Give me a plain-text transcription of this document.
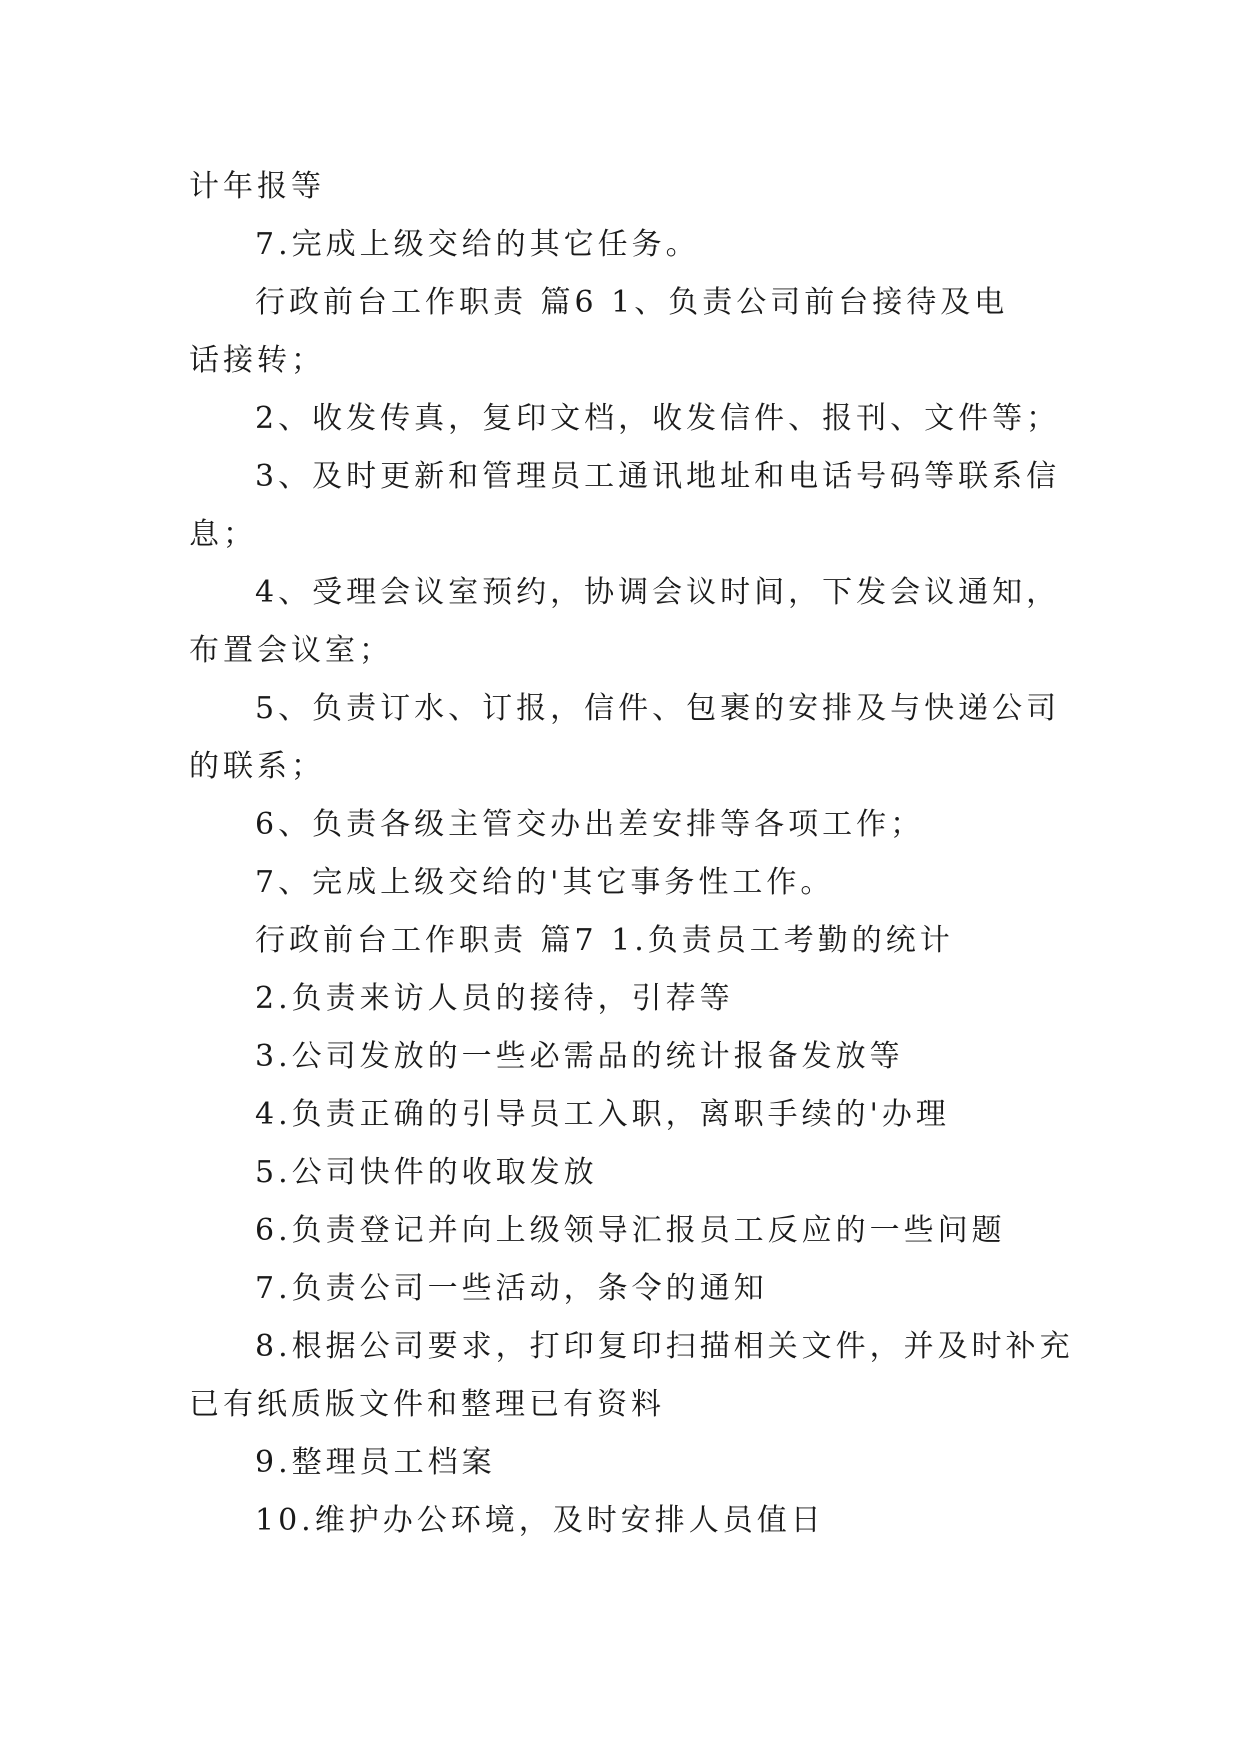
计年报等
7.完成上级交给的其它任务。
行政前台工作职责 篇6 1、负责公司前台接待及电
话接转；
2、收发传真，复印文档，收发信件、报刊、文件等；
3、及时更新和管理员工通讯地址和电话号码等联系信
息；
4、受理会议室预约，协调会议时间，下发会议通知，
布置会议室；
5、负责订水、订报，信件、包裹的安排及与快递公司
的联系；
6、负责各级主管交办出差安排等各项工作；
7、完成上级交给的'其它事务性工作。
行政前台工作职责 篇7 1.负责员工考勤的统计
2.负责来访人员的接待，引荐等
3.公司发放的一些必需品的统计报备发放等
4.负责正确的引导员工入职，离职手续的'办理
5.公司快件的收取发放
6.负责登记并向上级领导汇报员工反应的一些问题
7.负责公司一些活动，条令的通知
8.根据公司要求，打印复印扫描相关文件，并及时补充
已有纸质版文件和整理已有资料
9.整理员工档案
10.维护办公环境，及时安排人员值日
